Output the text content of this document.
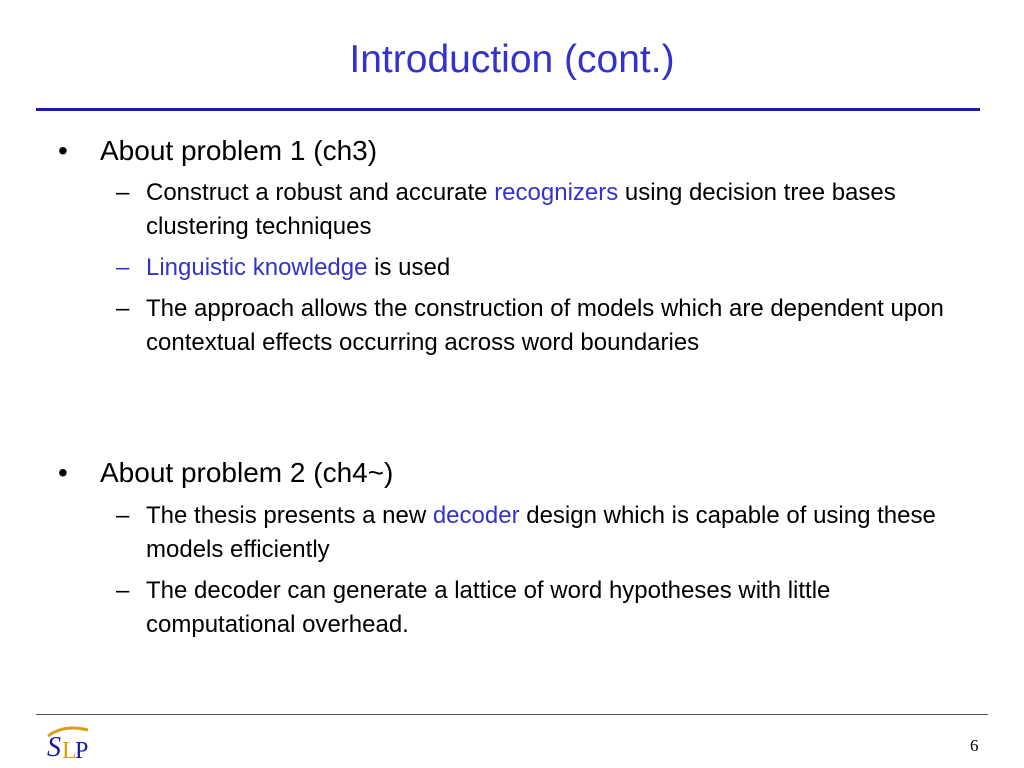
Introduction (cont.)
• About problem 1 (ch3)
– Construct a robust and accurate recognizers using decision tree bases clustering techniques
– Linguistic knowledge is used
– The approach allows the construction of models which are dependent upon contextual effects occurring across word boundaries
• About problem 2 (ch4~)
– The thesis presents a new decoder design which is capable of using these models efficiently
– The decoder can generate a lattice of word hypotheses with little computational overhead.
S L
P	6
